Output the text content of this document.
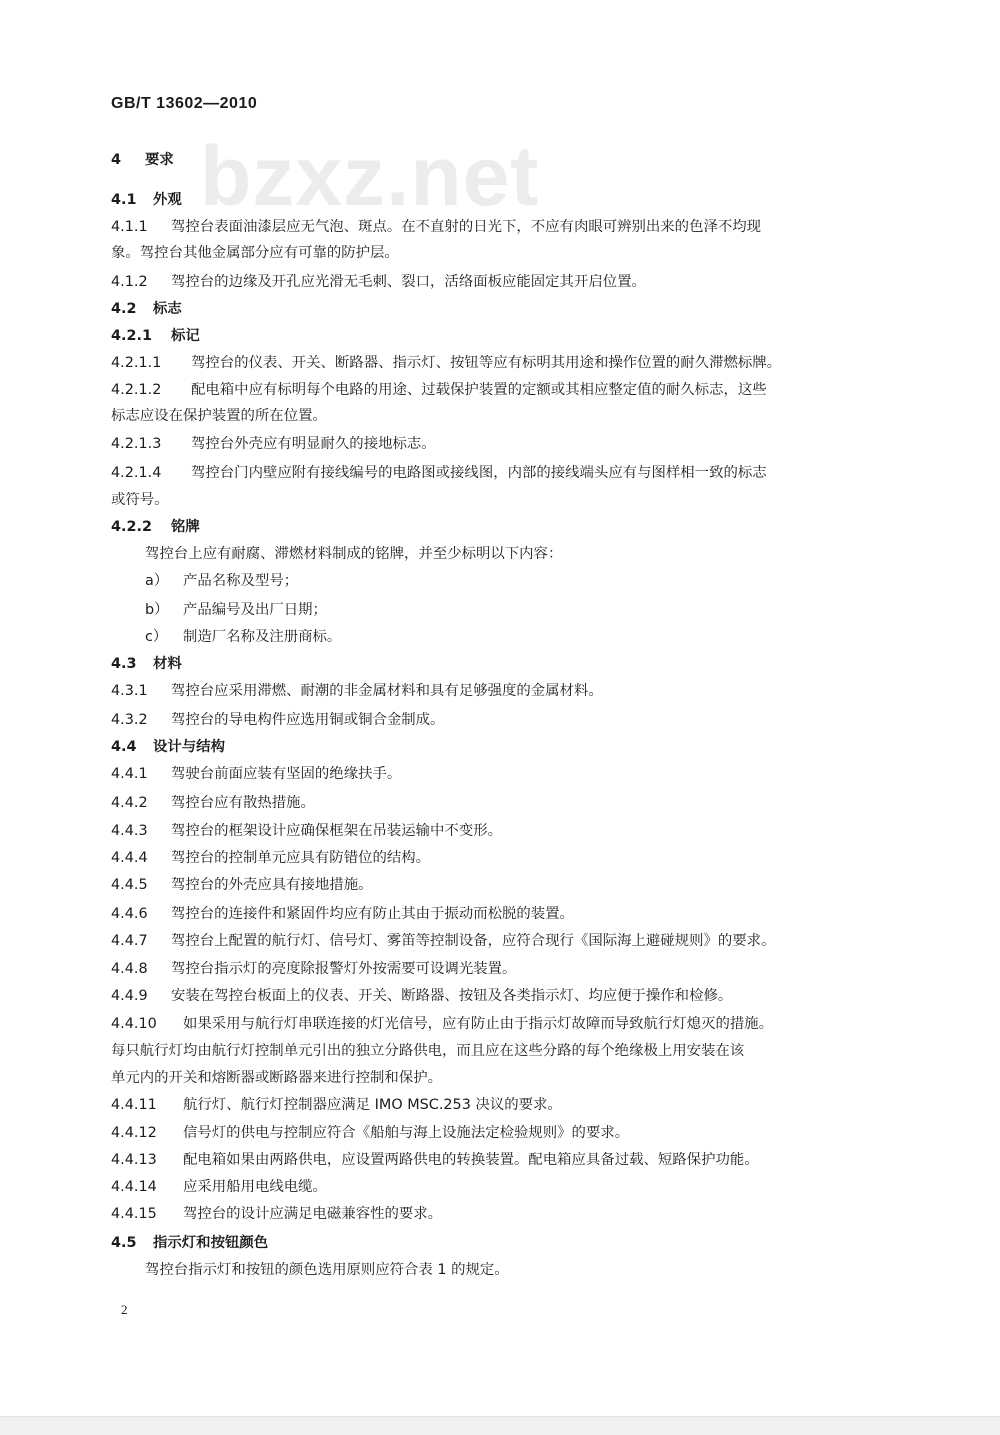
GB/T 13602—2010
bzxz.net
4 要求
4.1 外观
4.1.1 驾控台表面油漆层应无气泡、斑点。在不直射的日光下，不应有肉眼可辨别出来的色泽不均现
象。驾控台其他金属部分应有可靠的防护层。
4.1.2 驾控台的边缘及开孔应光滑无毛刺、裂口，活络面板应能固定其开启位置。
4.2 标志
4.2.1 标记
4.2.1.1 驾控台的仪表、开关、断路器、指示灯、按钮等应有标明其用途和操作位置的耐久滞燃标牌。
4.2.1.2 配电箱中应有标明每个电路的用途、过载保护装置的定额或其相应整定值的耐久标志，这些
标志应设在保护装置的所在位置。
4.2.1.3 驾控台外壳应有明显耐久的接地标志。
4.2.1.4 驾控台门内壁应附有接线编号的电路图或接线图，内部的接线端头应有与图样相一致的标志
或符号。
4.2.2 铭牌
驾控台上应有耐腐、滞燃材料制成的铭牌，并至少标明以下内容：
a） 产品名称及型号；
b） 产品编号及出厂日期；
c） 制造厂名称及注册商标。
4.3 材料
4.3.1 驾控台应采用滞燃、耐潮的非金属材料和具有足够强度的金属材料。
4.3.2 驾控台的导电构件应选用铜或铜合金制成。
4.4 设计与结构
4.4.1 驾驶台前面应装有坚固的绝缘扶手。
4.4.2 驾控台应有散热措施。
4.4.3 驾控台的框架设计应确保框架在吊装运输中不变形。
4.4.4 驾控台的控制单元应具有防错位的结构。
4.4.5 驾控台的外壳应具有接地措施。
4.4.6 驾控台的连接件和紧固件均应有防止其由于振动而松脱的装置。
4.4.7 驾控台上配置的航行灯、信号灯、雾笛等控制设备，应符合现行《国际海上避碰规则》的要求。
4.4.8 驾控台指示灯的亮度除报警灯外按需要可设调光装置。
4.4.9 安装在驾控台板面上的仪表、开关、断路器、按钮及各类指示灯、均应便于操作和检修。
4.4.10 如果采用与航行灯串联连接的灯光信号，应有防止由于指示灯故障而导致航行灯熄灭的措施。
每只航行灯均由航行灯控制单元引出的独立分路供电，而且应在这些分路的每个绝缘极上用安装在该
单元内的开关和熔断器或断路器来进行控制和保护。
4.4.11 航行灯、航行灯控制器应满足 IMO MSC.253 决议的要求。
4.4.12 信号灯的供电与控制应符合《船舶与海上设施法定检验规则》的要求。
4.4.13 配电箱如果由两路供电，应设置两路供电的转换装置。配电箱应具备过载、短路保护功能。
4.4.14 应采用船用电线电缆。
4.4.15 驾控台的设计应满足电磁兼容性的要求。
4.5 指示灯和按钮颜色
驾控台指示灯和按钮的颜色选用原则应符合表 1 的规定。
2
